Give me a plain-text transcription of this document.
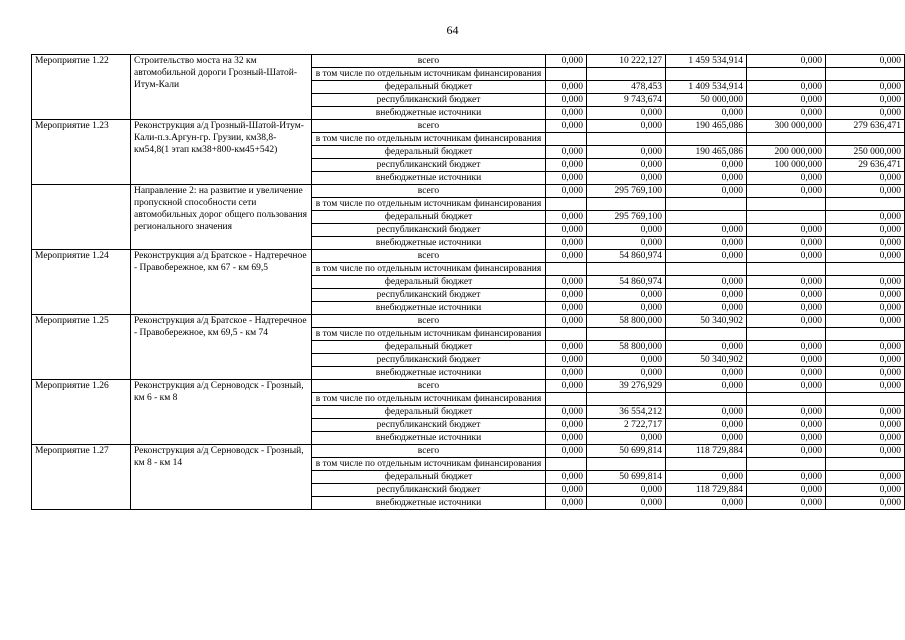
64
Мероприятие 1.22	Строительство моста на 32 км автомобильной дороги Грозный-Шатой-Итум-Кали	всего	0,000	10 222,127	1 459 534,914	0,000	0,000
		в том числе по отдельным источникам финансирования					

		федеральный бюджет	0,000	478,453	1 409 534,914	0,000	0,000
		республиканский бюджет	0,000	9 743,674	50 000,000	0,000	0,000
		внебюджетные источники	0,000	0,000	0,000	0,000	0,000
Мероприятие 1.23	Реконструкция а/д Грозный-Шатой-Итум-Кали-п.з.Аргун-гр. Грузии, км38,8-км54,8(1 этап км38+800-км45+542)	всего	0,000	0,000	190 465,086	300 000,000	279 636,471
		в том числе по отдельным источникам финансирования					

		федеральный бюджет	0,000	0,000	190 465,086	200 000,000	250 000,000
		республиканский бюджет	0,000	0,000	0,000	100 000,000	29 636,471
		внебюджетные источники	0,000	0,000	0,000	0,000	0,000
	Направление 2: на развитие и увеличение пропускной способности сети автомобильных дорог общего пользования регионального значения	всего	0,000	295 769,100	0,000	0,000	0,000
		в том числе по отдельным источникам финансирования					

		федеральный бюджет	0,000	295 769,100			0,000
		республиканский бюджет	0,000	0,000	0,000	0,000	0,000
		внебюджетные источники	0,000	0,000	0,000	0,000	0,000
Мероприятие 1.24	Реконструкция а/д Братское - Надтеречное - Правобережное, км 67 - км 69,5	всего	0,000	54 860,974	0,000	0,000	0,000
		в том числе по отдельным источникам финансирования					

		федеральный бюджет	0,000	54 860,974	0,000	0,000	0,000
		республиканский бюджет	0,000	0,000	0,000	0,000	0,000
		внебюджетные источники	0,000	0,000	0,000	0,000	0,000
Мероприятие 1.25	Реконструкция а/д Братское - Надтеречное - Правобережное, км 69,5 - км 74	всего	0,000	58 800,000	50 340,902	0,000	0,000
		в том числе по отдельным источникам финансирования					

		федеральный бюджет	0,000	58 800,000	0,000	0,000	0,000
		республиканский бюджет	0,000	0,000	50 340,902	0,000	0,000
		внебюджетные источники	0,000	0,000	0,000	0,000	0,000
Мероприятие 1.26	Реконструкция а/д Серноводск - Грозный, км 6 - км 8	всего	0,000	39 276,929	0,000	0,000	0,000
		в том числе по отдельным источникам финансирования					

		федеральный бюджет	0,000	36 554,212	0,000	0,000	0,000
		республиканский бюджет	0,000	2 722,717	0,000	0,000	0,000
		внебюджетные источники	0,000	0,000	0,000	0,000	0,000
Мероприятие 1.27	Реконструкция а/д Серноводск - Грозный, км 8 - км 14	всего	0,000	50 699,814	118 729,884	0,000	0,000
		в том числе по отдельным источникам финансирования					

		федеральный бюджет	0,000	50 699,814	0,000	0,000	0,000
		республиканский бюджет	0,000	0,000	118 729,884	0,000	0,000
		внебюджетные источники	0,000	0,000	0,000	0,000	0,000
